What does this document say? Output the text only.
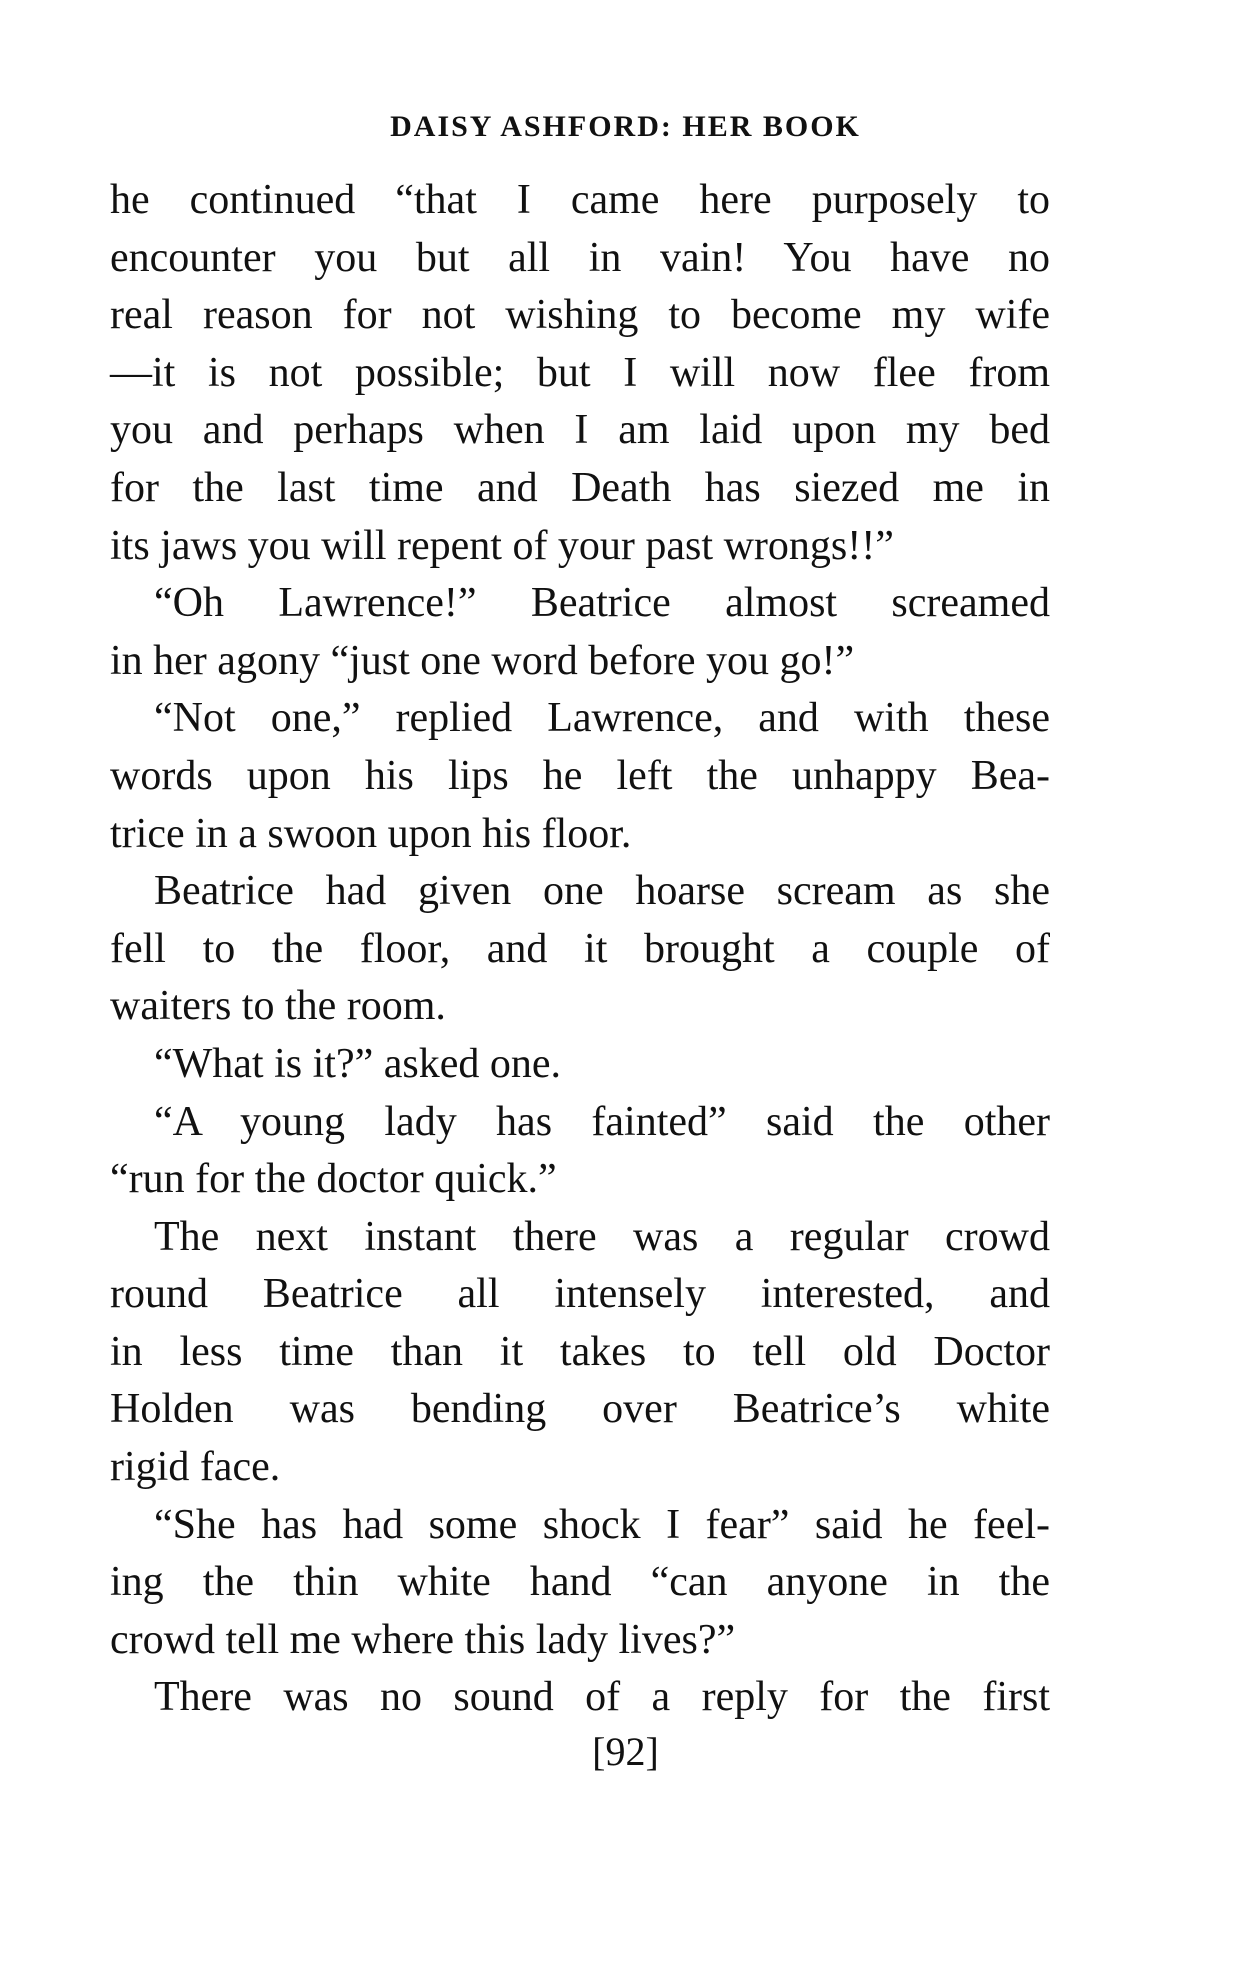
DAISY ASHFORD: HER BOOK
he continued “that I came here purposely to
encounter you but all in vain! You have no
real reason for not wishing to become my wife
—it is not possible; but I will now flee from
you and perhaps when I am laid upon my bed
for the last time and Death has siezed me in
its jaws you will repent of your past wrongs!!”
“Oh Lawrence!” Beatrice almost screamed
in her agony “just one word before you go!”
“Not one,” replied Lawrence, and with these
words upon his lips he left the unhappy Bea-
trice in a swoon upon his floor.
Beatrice had given one hoarse scream as she
fell to the floor, and it brought a couple of
waiters to the room.
“What is it?” asked one.
“A young lady has fainted” said the other
“run for the doctor quick.”
The next instant there was a regular crowd
round Beatrice all intensely interested, and
in less time than it takes to tell old Doctor
Holden was bending over Beatrice’s white
rigid face.
“She has had some shock I fear” said he feel-
ing the thin white hand “can anyone in the
crowd tell me where this lady lives?”
There was no sound of a reply for the first
[92]
